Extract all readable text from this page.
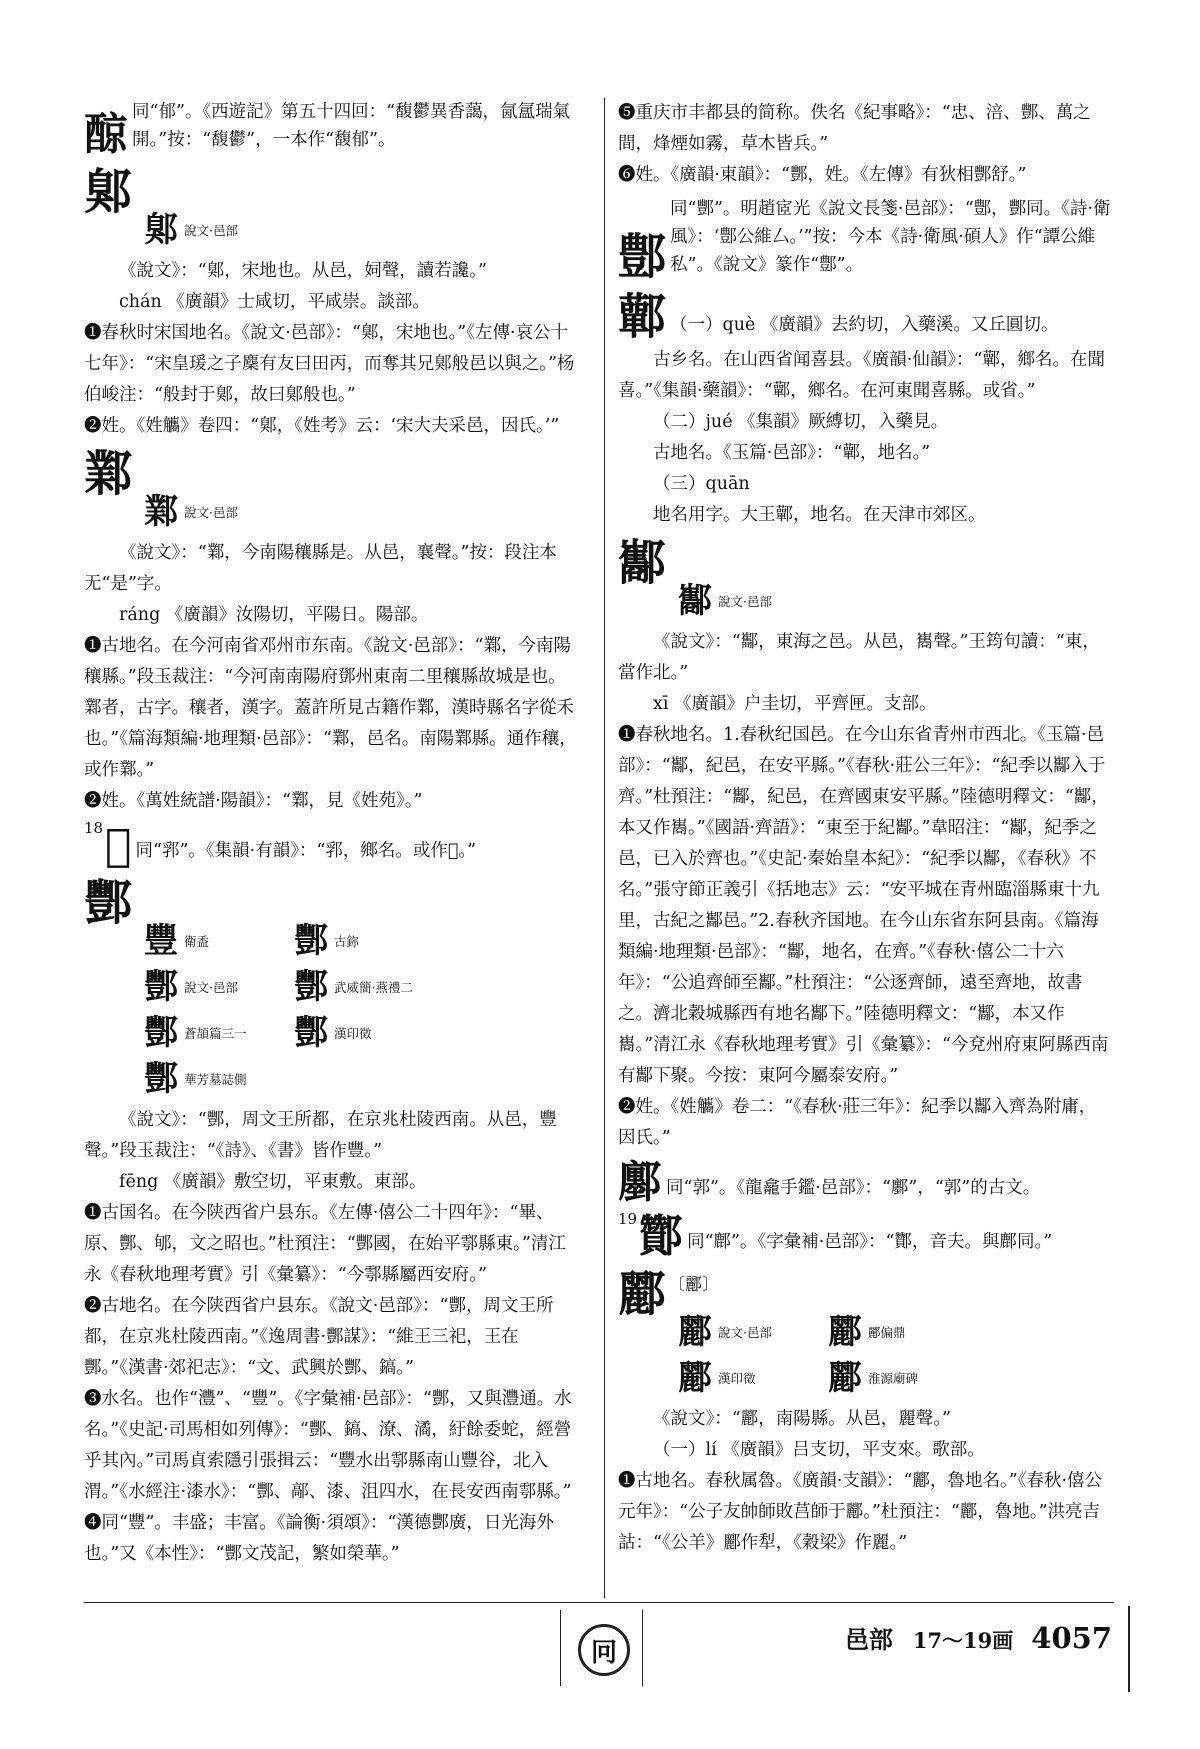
䣼 同“郁”。《西遊記》第五十四回：“馥鬱異香藹，氤氲瑞氣開。”按：“馥鬱”，一本作“馥郁”。
鄓
鄓 說文·邑部

《說文》：“鄓，宋地也。从邑，㚸聲，讀若讒。”

chán 《廣韻》士咸切，平咸崇。談部。

❶春秋时宋国地名。《說文·邑部》：“鄓，宋地也。”《左傳·哀公十七年》：“宋皇瑗之子麇有友曰田丙，而奪其兄鄓般邑以與之。”杨伯峻注：“般封于鄓，故曰鄓般也。”

❷姓。《姓觿》卷四：“鄓，《姓考》云：‘宋大夫采邑，因氏。’”

鄴
鄴 說文·邑部

《說文》：“鄴，今南陽穰縣是。从邑，襄聲。”按：段注本无“是”字。

ráng 《廣韻》汝陽切，平陽日。陽部。

❶古地名。在今河南省邓州市东南。《說文·邑部》：“鄴，今南陽穰縣。”段玉裁注：“今河南南陽府鄧州東南二里穰縣故城是也。鄴者，古字。穰者，漢字。蓋許所見古籍作鄴，漢時縣名字從禾也。”《篇海類編·地理類·邑部》：“鄴，邑名。南陽鄴縣。通作穰，或作鄴。”

❷姓。《萬姓統譜·陽韻》：“鄴，見《姓苑》。”

18 𨞬 同“郛”。《集韻·有韻》：“郛，鄉名。或作𨞬。”
酆
豐 衛盉 酆 古鉨
酆 說文·邑部 酆 武威簡·燕禮二
酆 蒼頡篇三一 酆 漢印徵
酆 華芳墓誌側

《說文》：“酆，周文王所都，在京兆杜陵西南。从邑，豐聲。”段玉裁注：“《詩》、《書》皆作豐。”

fēng 《廣韻》敷空切，平東敷。東部。

❶古国名。在今陕西省户县东。《左傳·僖公二十四年》：“畢、原、酆、郇，文之昭也。”杜預注：“酆國，在始平鄠縣東。”清江永《春秋地理考實》引《彙纂》：“今鄠縣屬西安府。”

❷古地名。在今陕西省户县东。《說文·邑部》：“酆，周文王所都，在京兆杜陵西南。”《逸周書·酆謀》：“維王三祀，王在酆。”《漢書·郊祀志》：“文、武興於酆、鎬。”

❸水名。也作“灃”、“豐”。《字彙補·邑部》：“酆，又與灃通。水名。”《史記·司馬相如列傳》：“酆、鎬、潦、潏，紆餘委蛇，經營乎其內。”司馬貞索隱引張揖云：“豐水出鄠縣南山豐谷，北入渭。”《水經注·漆水》：“酆、鄗、漆、沮四水，在長安西南鄠縣。”

❹同“豐”。丰盛；丰富。《論衡·須頌》：“漢德酆廣，日光海外也。”又《本性》：“酆文茂記，繁如榮華。”

❺重庆市丰都县的简称。佚名《紀事略》：“忠、涪、酆、萬之間，烽煙如霧，草木皆兵。”

❻姓。《廣韻·東韻》：“酆，姓。《左傳》有狄相酆舒。”

鄷
同“酆”。明趙宧光《說文長箋·邑部》：“鄷，酆同。《詩·衛風》：‘鄷公維厶。’”按：今本《詩·衛風·碩人》作“譚公維私”。《說文》篆作“鄷”。
鄿 （一）què 《廣韻》去約切，入藥溪。又丘圓切。

古乡名。在山西省闻喜县。《廣韻·仙韻》：“鄿，鄉名。在聞喜。”《集韻·藥韻》：“鄿，鄉名。在河東聞喜縣。或省。”

（二）jué 《集韻》厥縛切，入藥見。

古地名。《玉篇·邑部》：“鄿，地名。”

（三）quān

地名用字。大王鄿，地名。在天津市郊区。

酅
酅 說文·邑部

《說文》：“酅，東海之邑。从邑，巂聲。”王筠句讀：“東，當作北。”

xī 《廣韻》户圭切，平齊匣。支部。

❶春秋地名。1.春秋纪国邑。在今山东省青州市西北。《玉篇·邑部》：“酅，紀邑，在安平縣。”《春秋·莊公三年》：“紀季以酅入于齊。”杜預注：“酅，紀邑，在齊國東安平縣。”陸德明釋文：“酅，本又作巂。”《國語·齊語》：“東至于紀酅。”韋昭注：“酅，紀季之邑，已入於齊也。”《史記·秦始皇本紀》：“紀季以酅，《春秋》不名。”張守節正義引《括地志》云：“安平城在青州臨淄縣東十九里，古紀之酅邑。”2.春秋齐国地。在今山东省东阿县南。《篇海類編·地理類·邑部》：“酅，地名，在齊。”《春秋·僖公二十六年》：“公追齊師至酅。”杜預注：“公逐齊師，遠至齊地，故書之。濟北穀城縣西有地名酅下。”陸德明釋文：“酅，本又作巂。”清江永《春秋地理考實》引《彙纂》：“今兗州府東阿縣西南有酅下聚。今按：東阿今屬泰安府。”

❷姓。《姓觿》卷二：“《春秋·莊三年》：紀季以酅入齊為附庸，因氏。”

鄽 同“郭”。《龍龕手鑑·邑部》：“鄽”，“郭”的古文。
19 酇 同“鄜”。《字彙補·邑部》：“酇，音夫。與鄜同。”
酈 〔酈〕
酈 說文·邑部 酈 酈偏鼎
酈 漢印徵 酈 淮源廟碑

《說文》：“酈，南陽縣。从邑，麗聲。”

（一）lí 《廣韻》吕支切，平支來。歌部。

❶古地名。春秋属魯。《廣韻·支韻》：“酈，魯地名。”《春秋·僖公元年》：“公子友帥師敗莒師于酈。”杜預注：“酈，魯地。”洪亮吉詁：“《公羊》酈作犁，《穀梁》作麗。”

冋	邑部 17～19画 4057
